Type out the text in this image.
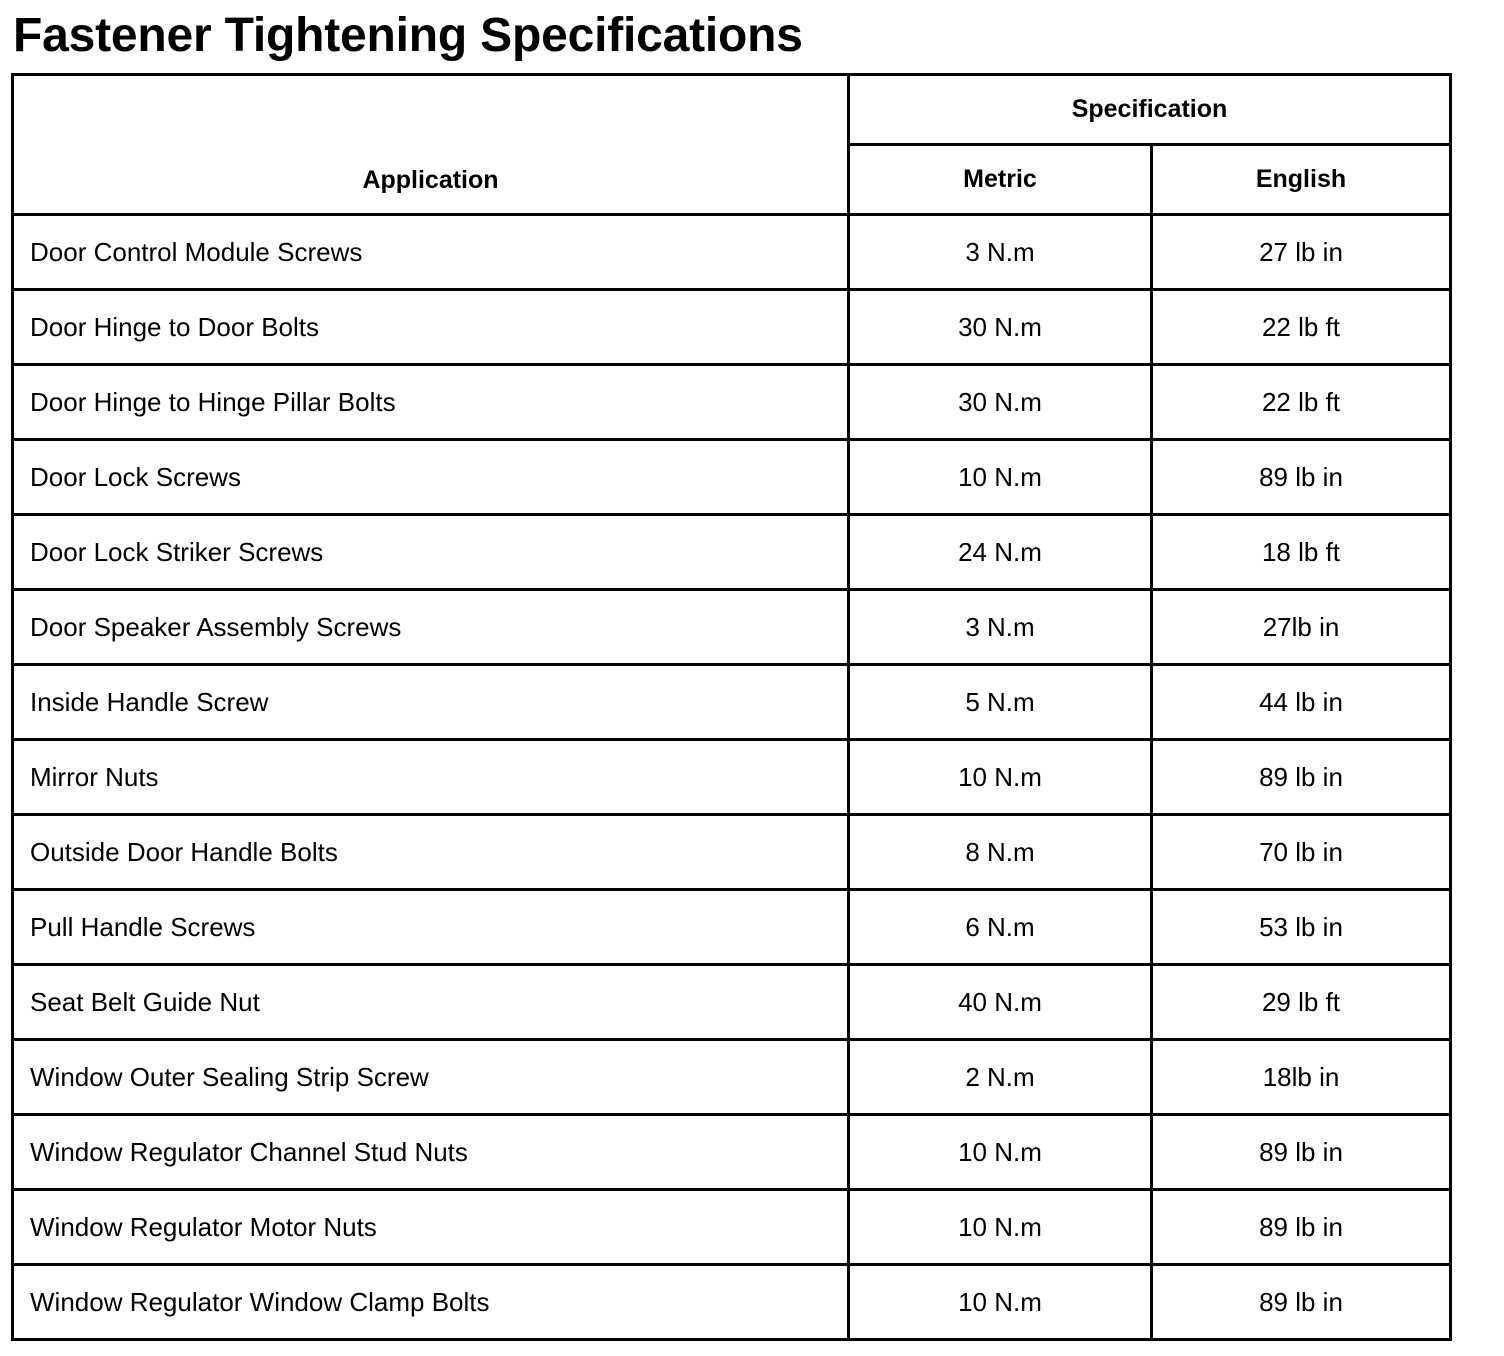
Fastener Tightening Specifications
Application	Specification	
	Metric	English
Door Control Module Screws	3 N.m	27 lb in
Door Hinge to Door Bolts	30 N.m	22 lb ft
Door Hinge to Hinge Pillar Bolts	30 N.m	22 lb ft
Door Lock Screws	10 N.m	89 lb in
Door Lock Striker Screws	24 N.m	18 lb ft
Door Speaker Assembly Screws	3 N.m	27lb in
Inside Handle Screw	5 N.m	44 lb in
Mirror Nuts	10 N.m	89 lb in
Outside Door Handle Bolts	8 N.m	70 lb in
Pull Handle Screws	6 N.m	53 lb in
Seat Belt Guide Nut	40 N.m	29 lb ft
Window Outer Sealing Strip Screw	2 N.m	18lb in
Window Regulator Channel Stud Nuts	10 N.m	89 lb in
Window Regulator Motor Nuts	10 N.m	89 lb in
Window Regulator Window Clamp Bolts	10 N.m	89 lb in
